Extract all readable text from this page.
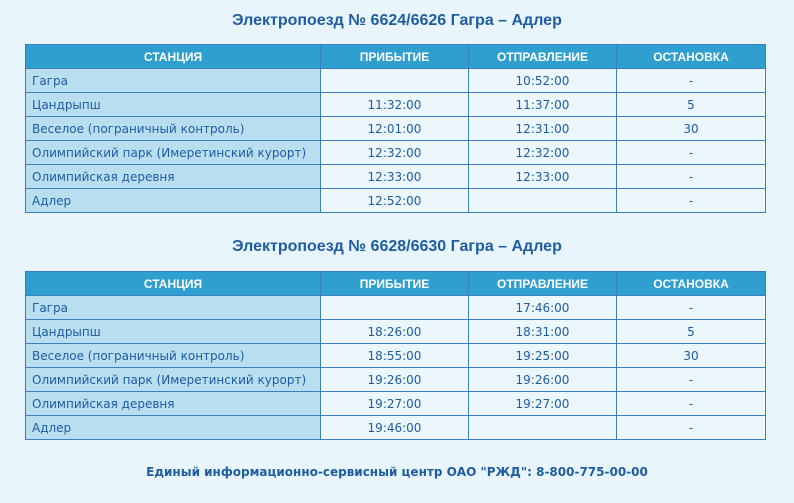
Электропоезд № 6624/6626 Гагра – Адлер
СТАНЦИЯ	ПРИБЫТИЕ	ОТПРАВЛЕНИЕ	ОСТАНОВКА
Гагра		10:52:00	-
Цандрыпш	11:32:00	11:37:00	5
Веселое (пограничный контроль)	12:01:00	12:31:00	30
Олимпийский парк (Имеретинский курорт)	12:32:00	12:32:00	-
Олимпийская деревня	12:33:00	12:33:00	-
Адлер	12:52:00		-
Электропоезд № 6628/6630 Гагра – Адлер
СТАНЦИЯ	ПРИБЫТИЕ	ОТПРАВЛЕНИЕ	ОСТАНОВКА
Гагра		17:46:00	-
Цандрыпш	18:26:00	18:31:00	5
Веселое (пограничный контроль)	18:55:00	19:25:00	30
Олимпийский парк (Имеретинский курорт)	19:26:00	19:26:00	-
Олимпийская деревня	19:27:00	19:27:00	-
Адлер	19:46:00		-
Единый информационно-сервисный центр ОАО "РЖД": 8-800-775-00-00
